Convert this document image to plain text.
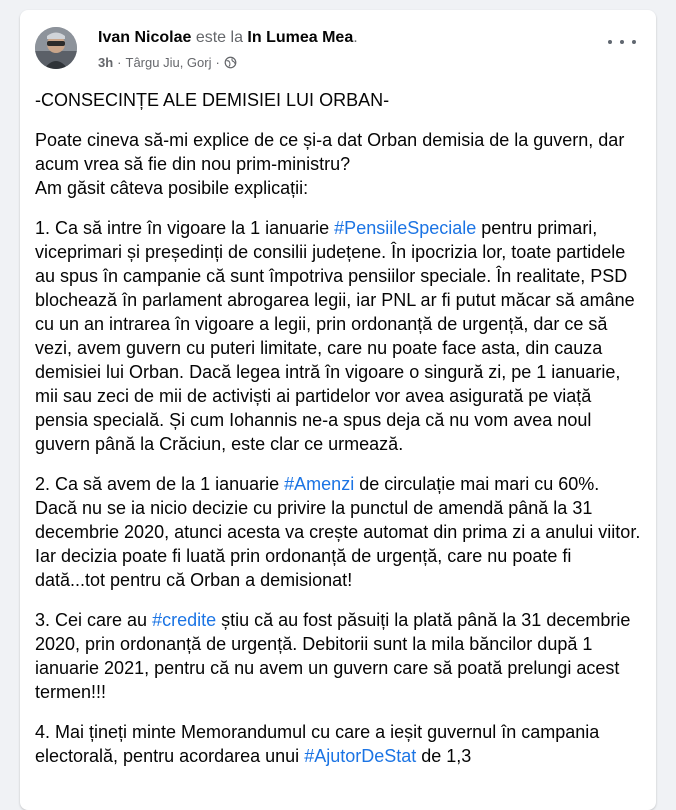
Ivan Nicolae este la In Lumea Mea.
3h · Târgu Jiu, Gorj ·

-CONSECINȚE ALE DEMISIEI LUI ORBAN-

Poate cineva să-mi explice de ce și-a dat Orban demisia de la guvern, dar acum vrea să fie din nou prim-ministru?

Am găsit câteva posibile explicații:

1. Ca să intre în vigoare la 1 ianuarie #PensiileSpeciale pentru primari, viceprimari și președinți de consilii județene. În ipocrizia lor, toate partidele au spus în campanie că sunt împotriva pensiilor speciale. În realitate, PSD blochează în parlament abrogarea legii, iar PNL ar fi putut măcar să amâne cu un an intrarea în vigoare a legii, prin ordonanță de urgență, dar ce să vezi, avem guvern cu puteri limitate, care nu poate face asta, din cauza demisiei lui Orban. Dacă legea intră în vigoare o singură zi, pe 1 ianuarie, mii sau zeci de mii de activiști ai partidelor vor avea asigurată pe viață pensia specială. Și cum Iohannis ne-a spus deja că nu vom avea noul guvern până la Crăciun, este clar ce urmează.

2. Ca să avem de la 1 ianuarie #Amenzi de circulație mai mari cu 60%. Dacă nu se ia nicio decizie cu privire la punctul de amendă până la 31 decembrie 2020, atunci acesta va crește automat din prima zi a anului viitor. Iar decizia poate fi luată prin ordonanță de urgență, care nu poate fi dată...tot pentru că Orban a demisionat!

3. Cei care au #credite știu că au fost păsuiți la plată până la 31 decembrie 2020, prin ordonanță de urgență. Debitorii sunt la mila băncilor după 1 ianuarie 2021, pentru că nu avem un guvern care să poată prelungi acest termen!!!

4. Mai țineți minte Memorandumul cu care a ieșit guvernul în campania electorală, pentru acordarea unui #AjutorDeStat de 1,3
